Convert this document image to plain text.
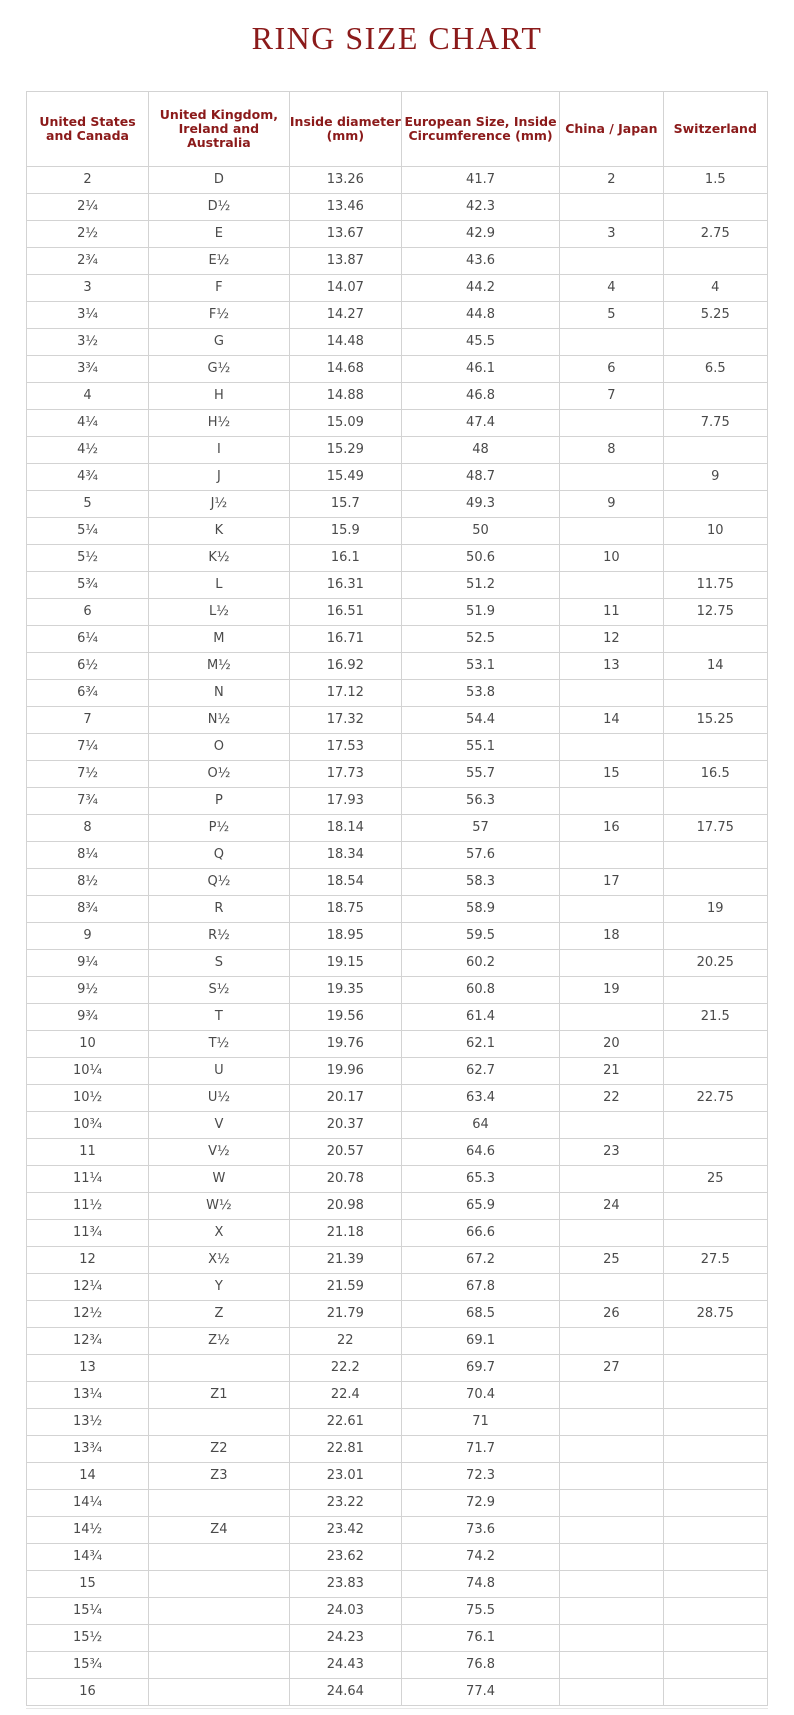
RING SIZE CHART
United States and Canada	United Kingdom, Ireland and Australia	Inside diameter (mm)	European Size, Inside Circumference (mm)	China / Japan	Switzerland
2	D	13.26	41.7	2	1.5
2¼	D½	13.46	42.3		
2½	E	13.67	42.9	3	2.75
2¾	E½	13.87	43.6		
3	F	14.07	44.2	4	4
3¼	F½	14.27	44.8	5	5.25
3½	G	14.48	45.5		
3¾	G½	14.68	46.1	6	6.5
4	H	14.88	46.8	7	
4¼	H½	15.09	47.4		7.75
4½	I	15.29	48	8	
4¾	J	15.49	48.7		9
5	J½	15.7	49.3	9	
5¼	K	15.9	50		10
5½	K½	16.1	50.6	10	
5¾	L	16.31	51.2		11.75
6	L½	16.51	51.9	11	12.75
6¼	M	16.71	52.5	12	
6½	M½	16.92	53.1	13	14
6¾	N	17.12	53.8		
7	N½	17.32	54.4	14	15.25
7¼	O	17.53	55.1		
7½	O½	17.73	55.7	15	16.5
7¾	P	17.93	56.3		
8	P½	18.14	57	16	17.75
8¼	Q	18.34	57.6		
8½	Q½	18.54	58.3	17	
8¾	R	18.75	58.9		19
9	R½	18.95	59.5	18	
9¼	S	19.15	60.2		20.25
9½	S½	19.35	60.8	19	
9¾	T	19.56	61.4		21.5
10	T½	19.76	62.1	20	
10¼	U	19.96	62.7	21	
10½	U½	20.17	63.4	22	22.75
10¾	V	20.37	64		
11	V½	20.57	64.6	23	
11¼	W	20.78	65.3		25
11½	W½	20.98	65.9	24	
11¾	X	21.18	66.6		
12	X½	21.39	67.2	25	27.5
12¼	Y	21.59	67.8		
12½	Z	21.79	68.5	26	28.75
12¾	Z½	22	69.1		
13		22.2	69.7	27	
13¼	Z1	22.4	70.4		
13½		22.61	71		
13¾	Z2	22.81	71.7		
14	Z3	23.01	72.3		
14¼		23.22	72.9		
14½	Z4	23.42	73.6		
14¾		23.62	74.2		
15		23.83	74.8		
15¼		24.03	75.5		
15½		24.23	76.1		
15¾		24.43	76.8		
16		24.64	77.4		
